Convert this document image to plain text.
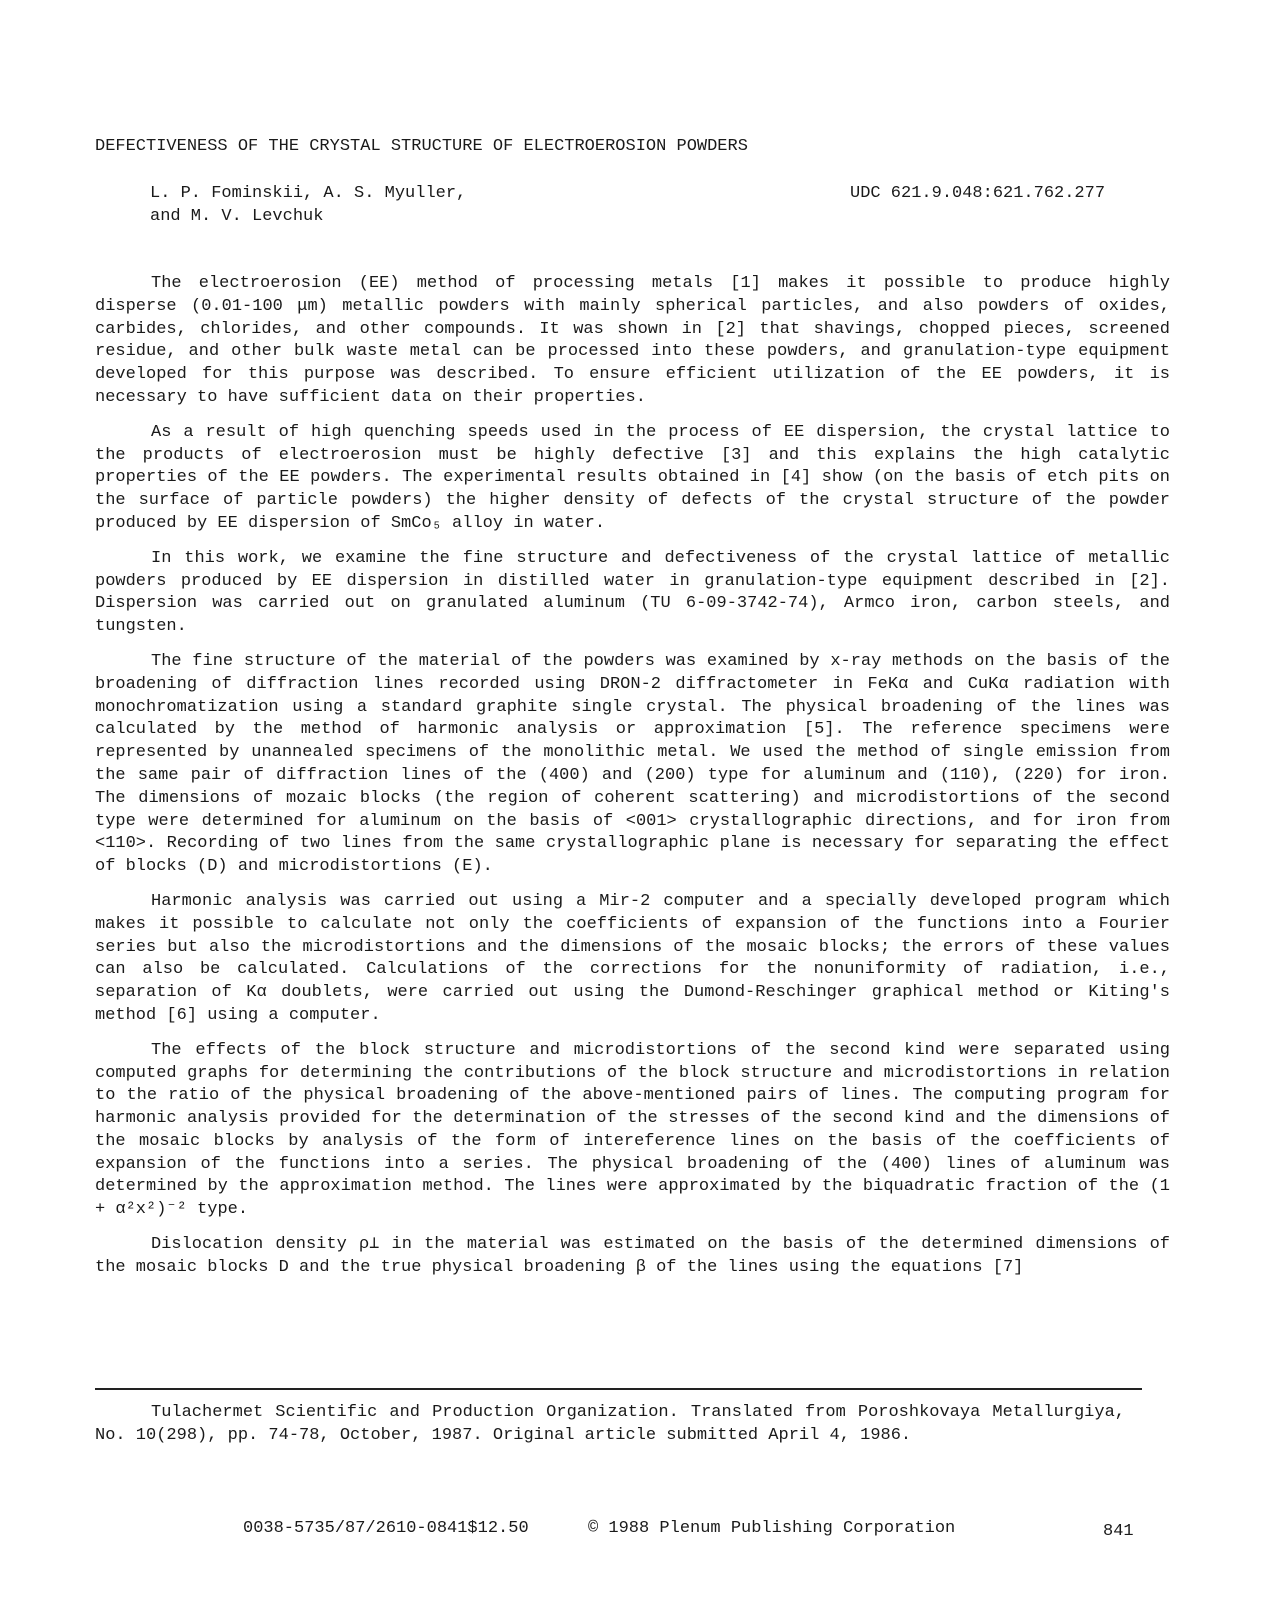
DEFECTIVENESS OF THE CRYSTAL STRUCTURE OF ELECTROEROSION POWDERS
L. P. Fominskii, A. S. Myuller,
and M. V. Levchuk
UDC 621.9.048:621.762.277

The electroerosion (EE) method of processing metals [1] makes it possible to produce highly disperse (0.01-100 μm) metallic powders with mainly spherical particles, and also powders of oxides, carbides, chlorides, and other compounds. It was shown in [2] that shavings, chopped pieces, screened residue, and other bulk waste metal can be processed into these powders, and granulation-type equipment developed for this purpose was described. To ensure efficient utilization of the EE powders, it is necessary to have sufficient data on their properties.

As a result of high quenching speeds used in the process of EE dispersion, the crystal lattice to the products of electroerosion must be highly defective [3] and this explains the high catalytic properties of the EE powders. The experimental results obtained in [4] show (on the basis of etch pits on the surface of particle powders) the higher density of defects of the crystal structure of the powder produced by EE dispersion of SmCo₅ alloy in water.

In this work, we examine the fine structure and defectiveness of the crystal lattice of metallic powders produced by EE dispersion in distilled water in granulation-type equipment described in [2]. Dispersion was carried out on granulated aluminum (TU 6-09-3742-74), Armco iron, carbon steels, and tungsten.

The fine structure of the material of the powders was examined by x-ray methods on the basis of the broadening of diffraction lines recorded using DRON-2 diffractometer in FeKα and CuKα radiation with monochromatization using a standard graphite single crystal. The physical broadening of the lines was calculated by the method of harmonic analysis or approximation [5]. The reference specimens were represented by unannealed specimens of the monolithic metal. We used the method of single emission from the same pair of diffraction lines of the (400) and (200) type for aluminum and (110), (220) for iron. The dimensions of mozaic blocks (the region of coherent scattering) and microdistortions of the second type were determined for aluminum on the basis of <001> crystallographic directions, and for iron from <110>. Recording of two lines from the same crystallographic plane is necessary for separating the effect of blocks (D) and microdistortions (E).

Harmonic analysis was carried out using a Mir-2 computer and a specially developed program which makes it possible to calculate not only the coefficients of expansion of the functions into a Fourier series but also the microdistortions and the dimensions of the mosaic blocks; the errors of these values can also be calculated. Calculations of the corrections for the nonuniformity of radiation, i.e., separation of Kα doublets, were carried out using the Dumond-Reschinger graphical method or Kiting's method [6] using a computer.

The effects of the block structure and microdistortions of the second kind were separated using computed graphs for determining the contributions of the block structure and microdistortions in relation to the ratio of the physical broadening of the above-mentioned pairs of lines. The computing program for harmonic analysis provided for the determination of the stresses of the second kind and the dimensions of the mosaic blocks by analysis of the form of intereference lines on the basis of the coefficients of expansion of the functions into a series. The physical broadening of the (400) lines of aluminum was determined by the approximation method. The lines were approximated by the biquadratic fraction of the (1 + α²x²)⁻² type.

Dislocation density ρ⊥ in the material was estimated on the basis of the determined dimensions of the mosaic blocks D and the true physical broadening β of the lines using the equations [7]

Tulachermet Scientific and Production Organization. Translated from Poroshkovaya Metallurgiya, No. 10(298), pp. 74-78, October, 1987. Original article submitted April 4, 1986.
0038-5735/87/2610-0841$12.50	© 1988 Plenum Publishing Corporation	841
